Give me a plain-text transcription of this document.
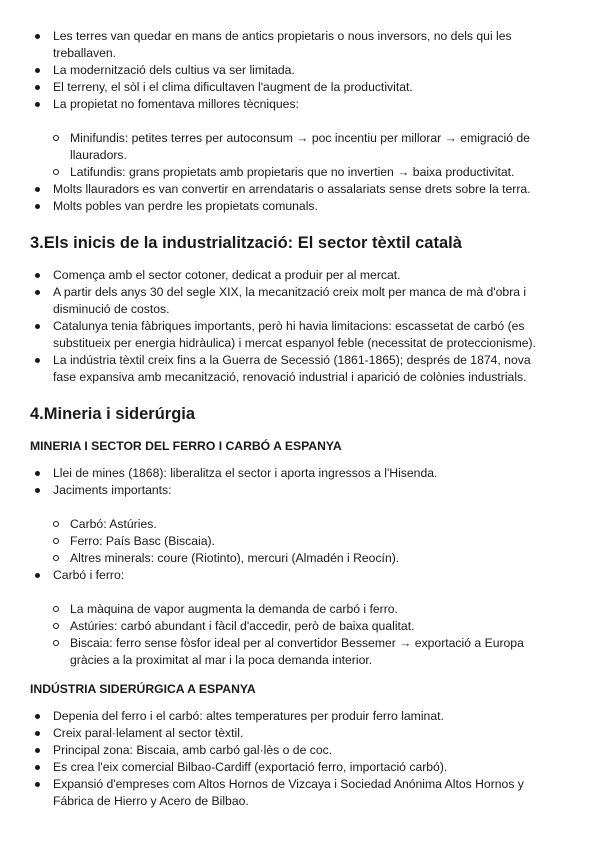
Les terres van quedar en mans de antics propietaris o nous inversors, no dels qui les treballaven.
La modernització dels cultius va ser limitada.
El terreny, el sòl i el clima dificultaven l'augment de la productivitat.
La propietat no fomentava millores tècniques:
Minifundis: petites terres per autoconsum → poc incentiu per millorar → emigració de llauradors.
Latifundis: grans propietats amb propietaris que no invertien → baixa productivitat.
Molts llauradors es van convertir en arrendataris o assalariats sense drets sobre la terra.
Molts pobles van perdre les propietats comunals.
3.Els inicis de la industrialització: El sector tèxtil català
Comença amb el sector cotoner, dedicat a produir per al mercat.
A partir dels anys 30 del segle XIX, la mecanització creix molt per manca de mà d'obra i disminució de costos.
Catalunya tenia fàbriques importants, però hi havia limitacions: escassetat de carbó (es substitueix per energia hidràulica) i mercat espanyol feble (necessitat de proteccionisme).
La indústria tèxtil creix fins a la Guerra de Secessió (1861-1865); després de 1874, nova fase expansiva amb mecanització, renovació industrial i aparició de colònies industrials.
4.Mineria i siderúrgia
MINERIA I SECTOR DEL FERRO I CARBÓ A ESPANYA
Llei de mines (1868): liberalitza el sector i aporta ingressos a l'Hisenda.
Jaciments importants:
Carbó: Astúries.
Ferro: País Basc (Biscaia).
Altres minerals: coure (Riotinto), mercuri (Almadén i Reocín).
Carbó i ferro:
La màquina de vapor augmenta la demanda de carbó i ferro.
Astúries: carbó abundant i fàcil d'accedir, però de baixa qualitat.
Biscaia: ferro sense fòsfor ideal per al convertidor Bessemer → exportació a Europa gràcies a la proximitat al mar i la poca demanda interior.
INDÚSTRIA SIDERÚRGICA A ESPANYA
Depenia del ferro i el carbó: altes temperatures per produir ferro laminat.
Creix paral·lelament al sector tèxtil.
Principal zona: Biscaia, amb carbó gal·lès o de coc.
Es crea l'eix comercial Bilbao-Cardiff (exportació ferro, importació carbó).
Expansió d'empreses com Altos Hornos de Vizcaya i Sociedad Anónima Altos Hornos y Fábrica de Hierro y Acero de Bilbao.
